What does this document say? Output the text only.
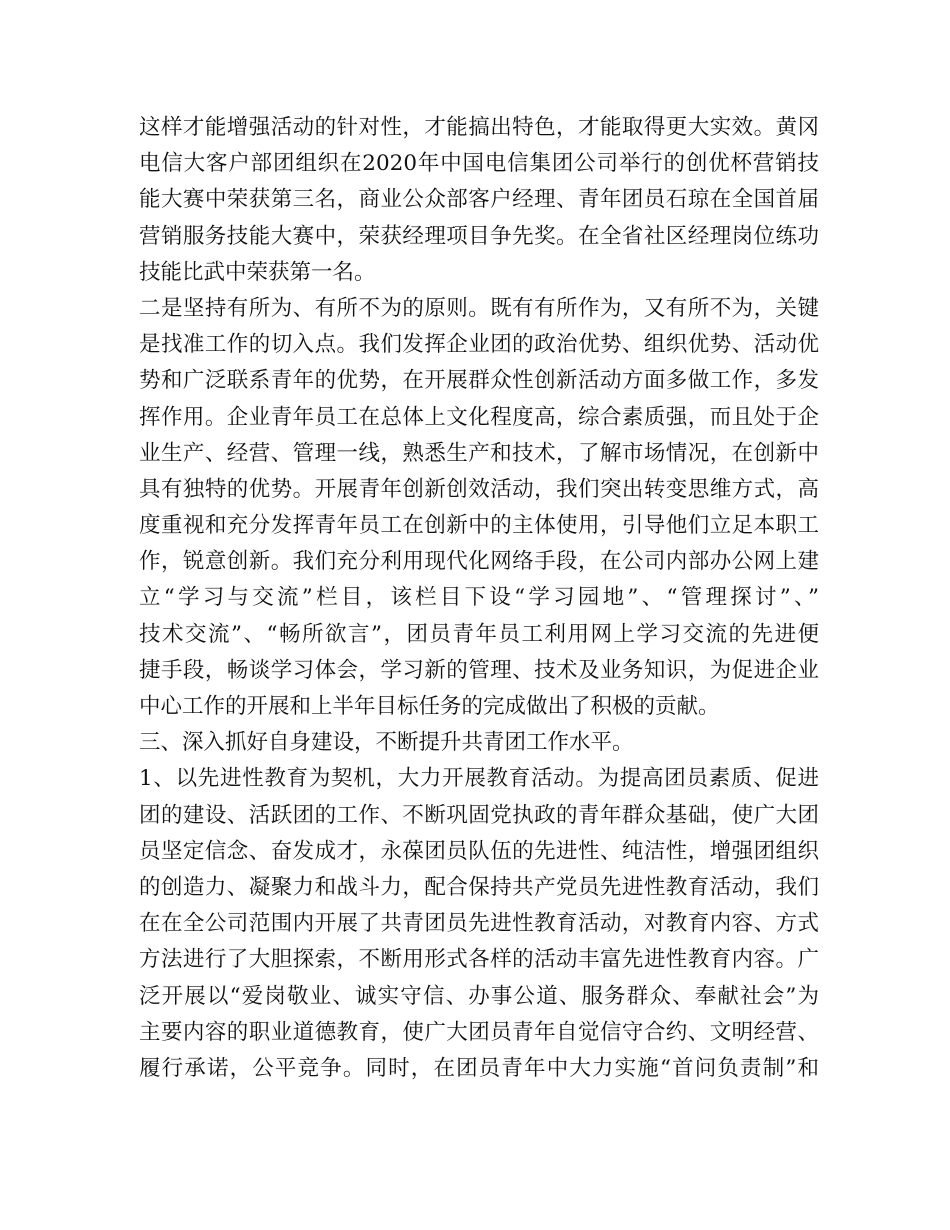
这样才能增强活动的针对性，才能搞出特色，才能取得更大实效。黄冈
电信大客户部团组织在2020年中国电信集团公司举行的创优杯营销技
能大赛中荣获第三名，商业公众部客户经理、青年团员石琼在全国首届
营销服务技能大赛中，荣获经理项目争先奖。在全省社区经理岗位练功
技能比武中荣获第一名。
二是坚持有所为、有所不为的原则。既有有所作为，又有所不为，关键
是找准工作的切入点。我们发挥企业团的政治优势、组织优势、活动优
势和广泛联系青年的优势，在开展群众性创新活动方面多做工作，多发
挥作用。企业青年员工在总体上文化程度高，综合素质强，而且处于企
业生产、经营、管理一线，熟悉生产和技术，了解市场情况，在创新中
具有独特的优势。开展青年创新创效活动，我们突出转变思维方式，高
度重视和充分发挥青年员工在创新中的主体使用，引导他们立足本职工
作，锐意创新。我们充分利用现代化网络手段，在公司内部办公网上建
立“学习与交流”栏目，该栏目下设“学习园地”、“管理探讨”、”
技术交流”、“畅所欲言”，团员青年员工利用网上学习交流的先进便
捷手段，畅谈学习体会，学习新的管理、技术及业务知识，为促进企业
中心工作的开展和上半年目标任务的完成做出了积极的贡献。
三、深入抓好自身建设，不断提升共青团工作水平。
1、以先进性教育为契机，大力开展教育活动。为提高团员素质、促进
团的建设、活跃团的工作、不断巩固党执政的青年群众基础，使广大团
员坚定信念、奋发成才，永葆团员队伍的先进性、纯洁性，增强团组织
的创造力、凝聚力和战斗力，配合保持共产党员先进性教育活动，我们
在在全公司范围内开展了共青团员先进性教育活动，对教育内容、方式
方法进行了大胆探索，不断用形式各样的活动丰富先进性教育内容。广
泛开展以“爱岗敬业、诚实守信、办事公道、服务群众、奉献社会”为
主要内容的职业道德教育，使广大团员青年自觉信守合约、文明经营、
履行承诺，公平竞争。同时，在团员青年中大力实施“首问负责制”和
